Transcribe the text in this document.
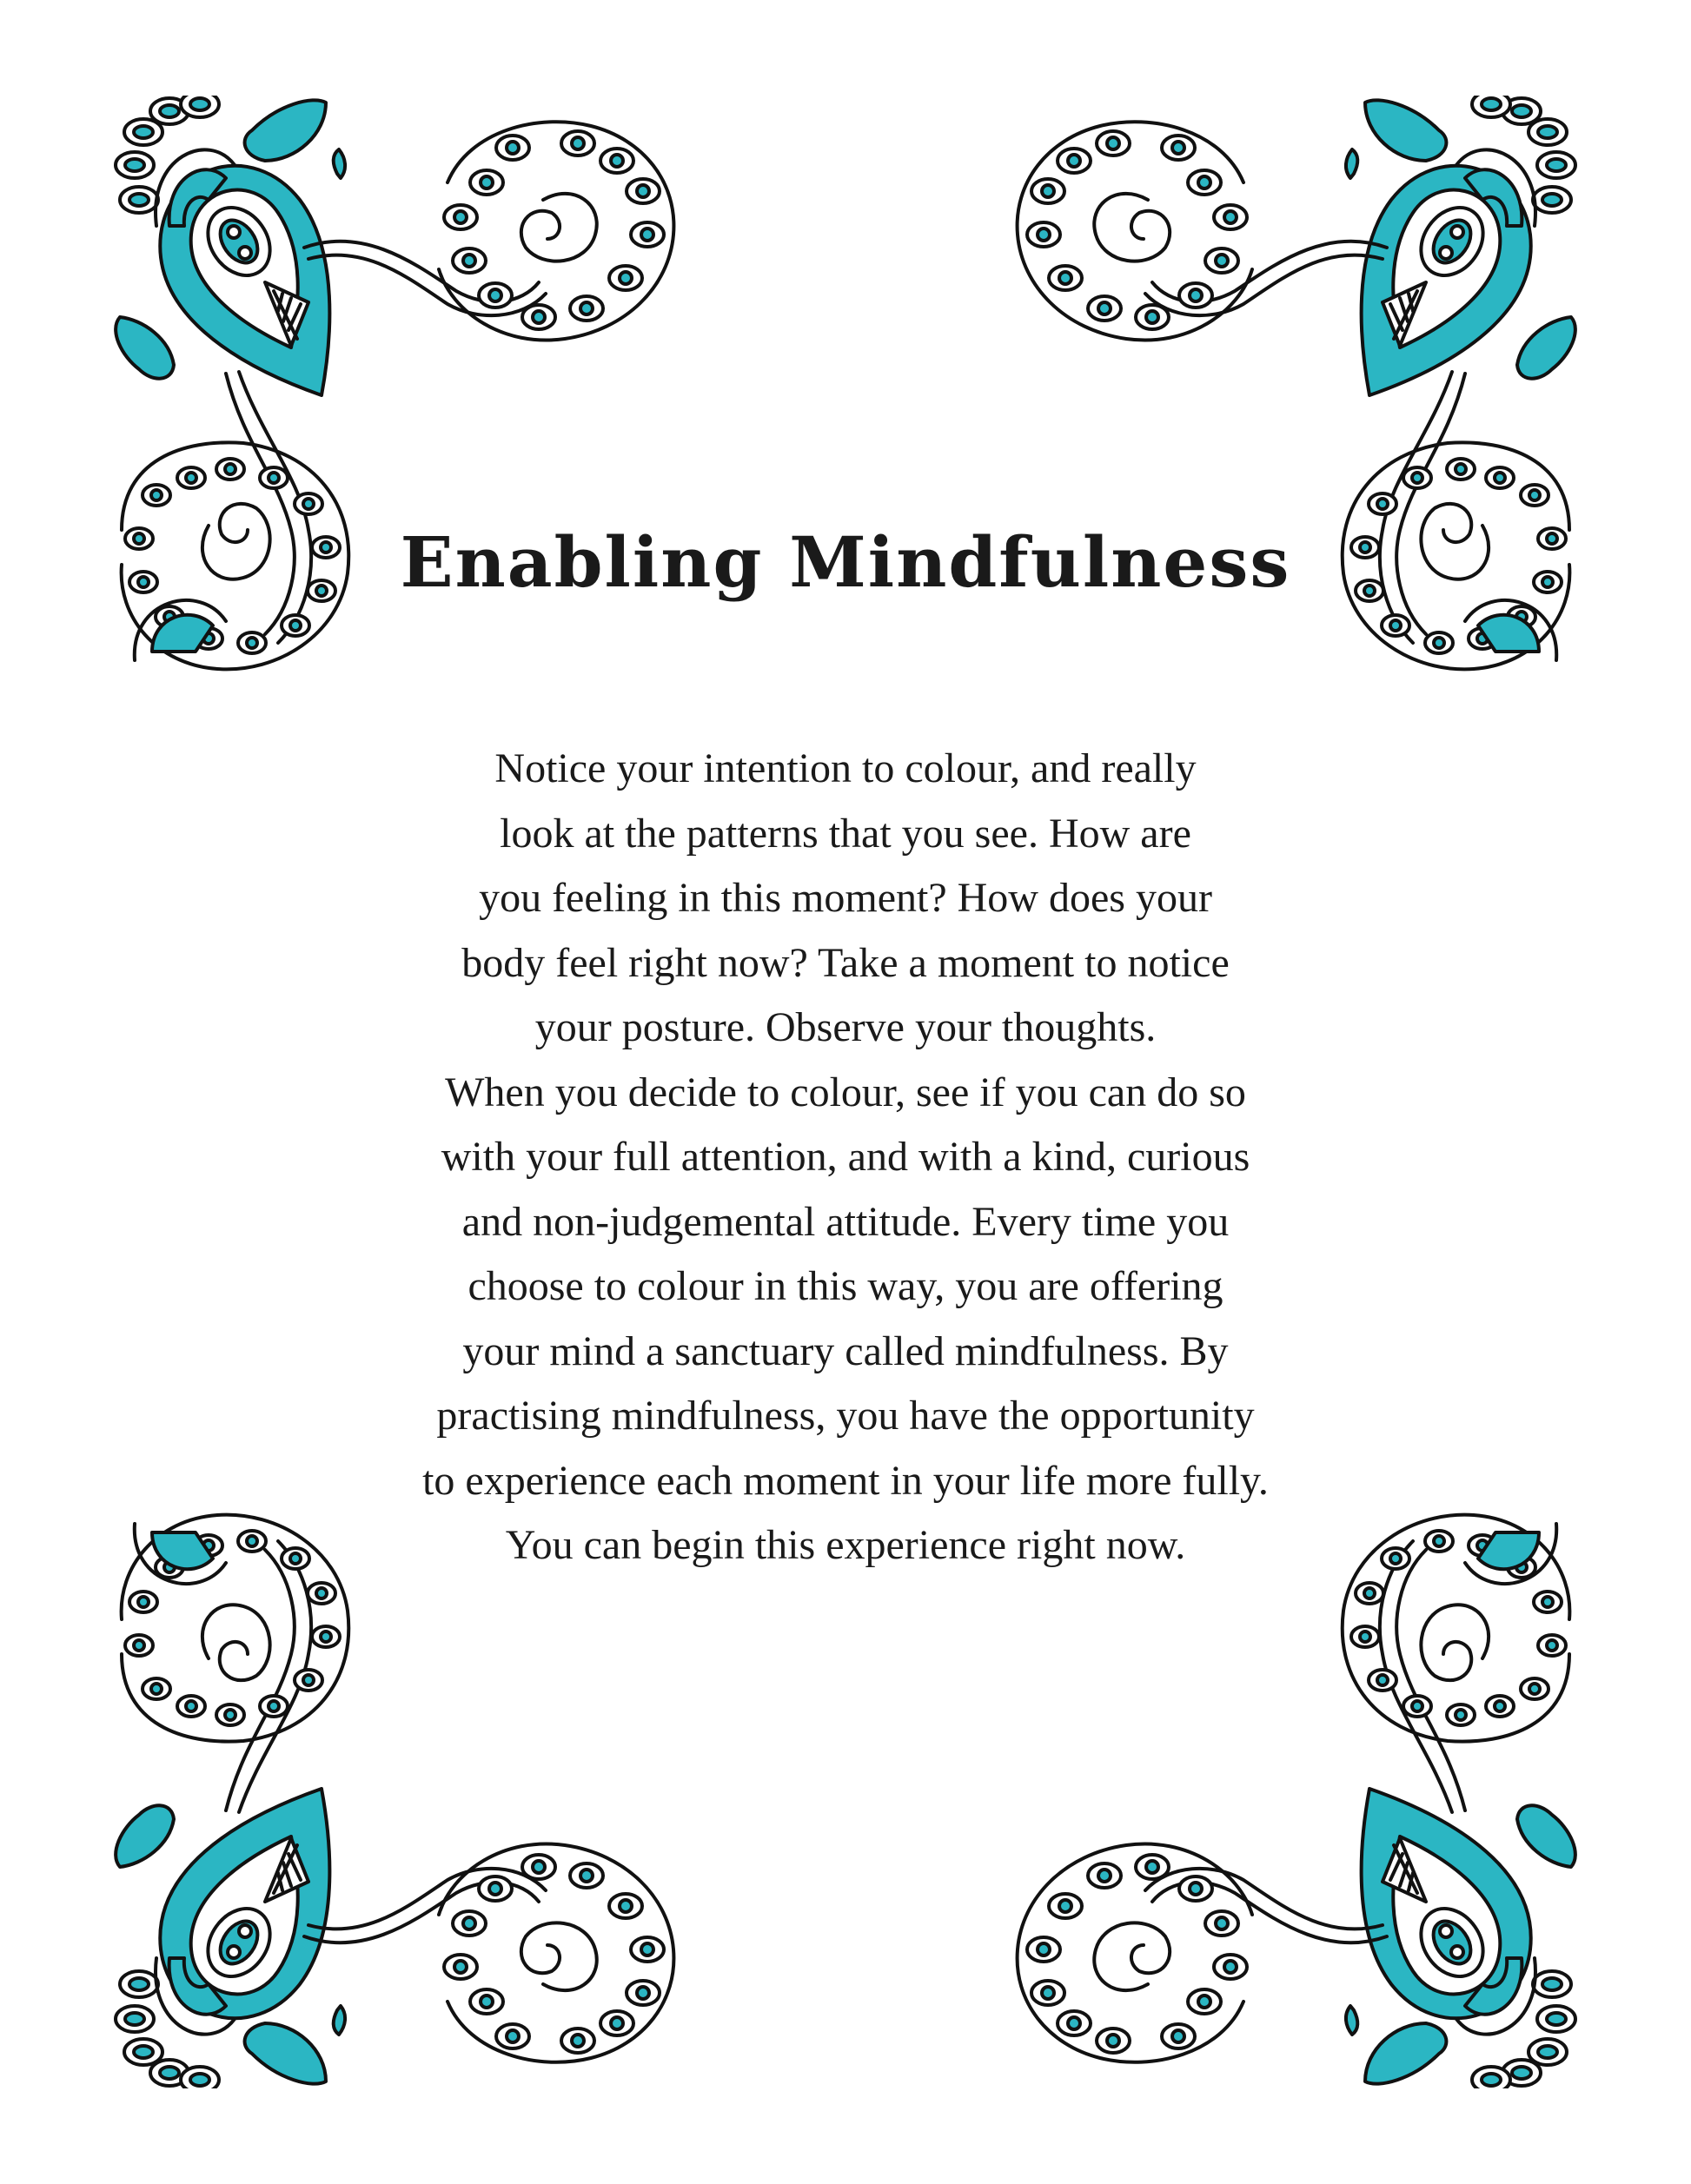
Enabling Mindfulness
Notice your intention to colour, and really
look at the patterns that you see. How are
you feeling in this moment? How does your
body feel right now? Take a moment to notice
your posture. Observe your thoughts.
When you decide to colour, see if you can do so
with your full attention, and with a kind, curious
and non-judgemental attitude. Every time you
choose to colour in this way, you are offering
your mind a sanctuary called mindfulness. By
practising mindfulness, you have the opportunity
to experience each moment in your life more fully.
You can begin this experience right now.
